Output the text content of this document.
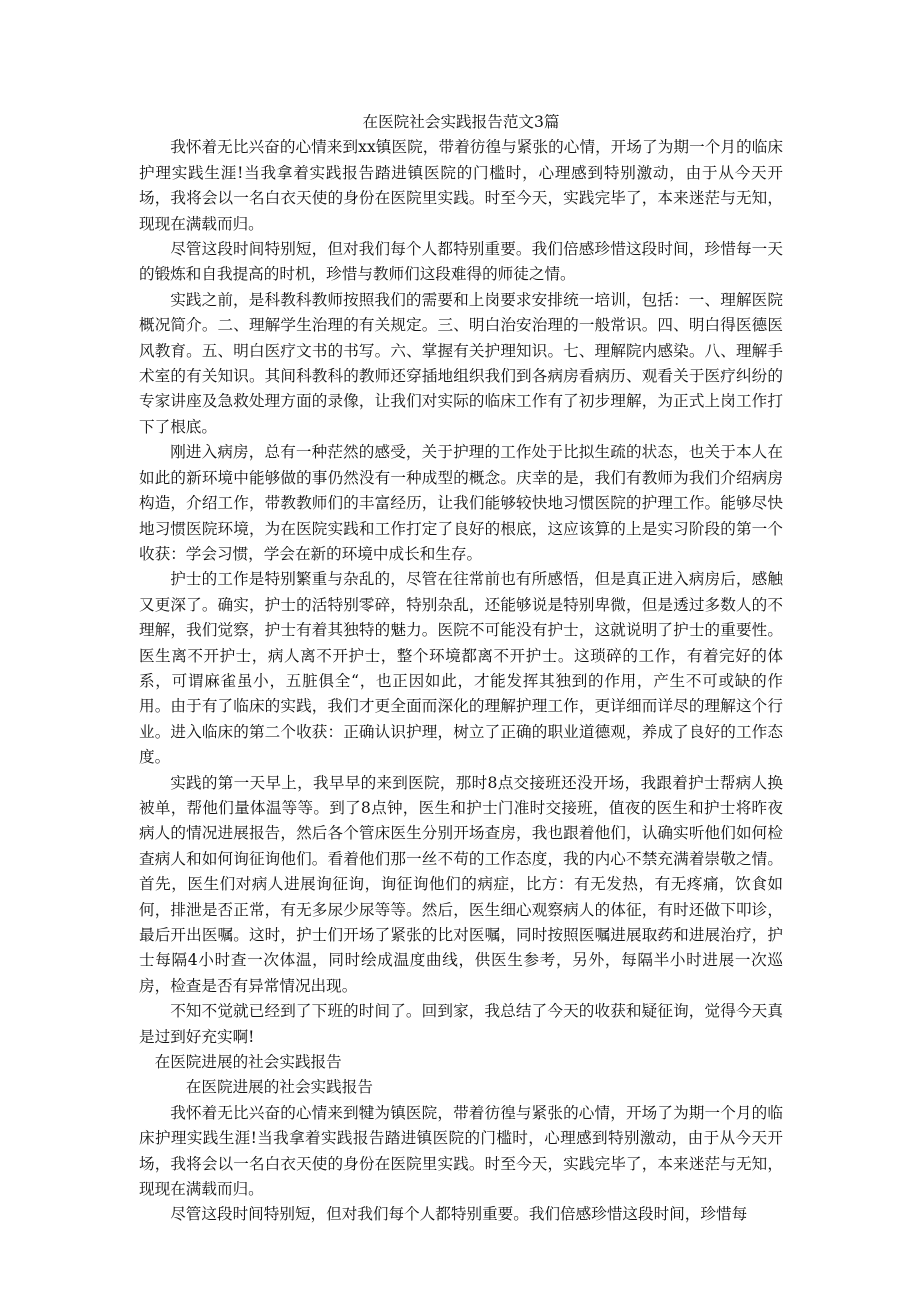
在医院社会实践报告范文3篇

我怀着无比兴奋的心情来到xx镇医院，带着彷徨与紧张的心情，开场了为期一个月的临床护理实践生涯!当我拿着实践报告踏进镇医院的门槛时，心理感到特别激动，由于从今天开场，我将会以一名白衣天使的身份在医院里实践。时至今天，实践完毕了，本来迷茫与无知，现现在满载而归。

尽管这段时间特别短，但对我们每个人都特别重要。我们倍感珍惜这段时间，珍惜每一天的锻炼和自我提高的时机，珍惜与教师们这段难得的师徒之情。

实践之前，是科教科教师按照我们的需要和上岗要求安排统一培训，包括：一、理解医院概况简介。二、理解学生治理的有关规定。三、明白治安治理的一般常识。四、明白得医德医风教育。五、明白医疗文书的书写。六、掌握有关护理知识。七、理解院内感染。八、理解手术室的有关知识。其间科教科的教师还穿插地组织我们到各病房看病历、观看关于医疗纠纷的专家讲座及急救处理方面的录像，让我们对实际的临床工作有了初步理解，为正式上岗工作打下了根底。

刚进入病房，总有一种茫然的感受，关于护理的工作处于比拟生疏的状态，也关于本人在如此的新环境中能够做的事仍然没有一种成型的概念。庆幸的是，我们有教师为我们介绍病房构造，介绍工作，带教教师们的丰富经历，让我们能够较快地习惯医院的护理工作。能够尽快地习惯医院环境，为在医院实践和工作打定了良好的根底，这应该算的上是实习阶段的第一个收获：学会习惯，学会在新的环境中成长和生存。

护士的工作是特别繁重与杂乱的，尽管在往常前也有所感悟，但是真正进入病房后，感触又更深了。确实，护士的活特别零碎，特别杂乱，还能够说是特别卑微，但是透过多数人的不理解，我们觉察，护士有着其独特的魅力。医院不可能没有护士，这就说明了护士的重要性。医生离不开护士，病人离不开护士，整个环境都离不开护士。这琐碎的工作，有着完好的体系，可谓麻雀虽小，五脏俱全“，也正因如此，才能发挥其独到的作用，产生不可或缺的作用。由于有了临床的实践，我们才更全面而深化的理解护理工作，更详细而详尽的理解这个行业。进入临床的第二个收获：正确认识护理，树立了正确的职业道德观，养成了良好的工作态度。

实践的第一天早上，我早早的来到医院，那时8点交接班还没开场，我跟着护士帮病人换被单，帮他们量体温等等。到了8点钟，医生和护士门准时交接班，值夜的医生和护士将昨夜病人的情况进展报告，然后各个管床医生分别开场查房，我也跟着他们，认确实听他们如何检查病人和如何询征询他们。看着他们那一丝不苟的工作态度，我的内心不禁充满着崇敬之情。首先，医生们对病人进展询征询，询征询他们的病症，比方：有无发热，有无疼痛，饮食如何，排泄是否正常，有无多尿少尿等等。然后，医生细心观察病人的体征，有时还做下叩诊，最后开出医嘱。这时，护士们开场了紧张的比对医嘱，同时按照医嘱进展取药和进展治疗，护士每隔4小时查一次体温，同时绘成温度曲线，供医生参考，另外，每隔半小时进展一次巡房，检查是否有异常情况出现。

不知不觉就已经到了下班的时间了。回到家，我总结了今天的收获和疑征询，觉得今天真是过到好充实啊!

在医院进展的社会实践报告

在医院进展的社会实践报告

我怀着无比兴奋的心情来到犍为镇医院，带着彷徨与紧张的心情，开场了为期一个月的临床护理实践生涯!当我拿着实践报告踏进镇医院的门槛时，心理感到特别激动，由于从今天开场，我将会以一名白衣天使的身份在医院里实践。时至今天，实践完毕了，本来迷茫与无知，现现在满载而归。

尽管这段时间特别短，但对我们每个人都特别重要。我们倍感珍惜这段时间，珍惜每
